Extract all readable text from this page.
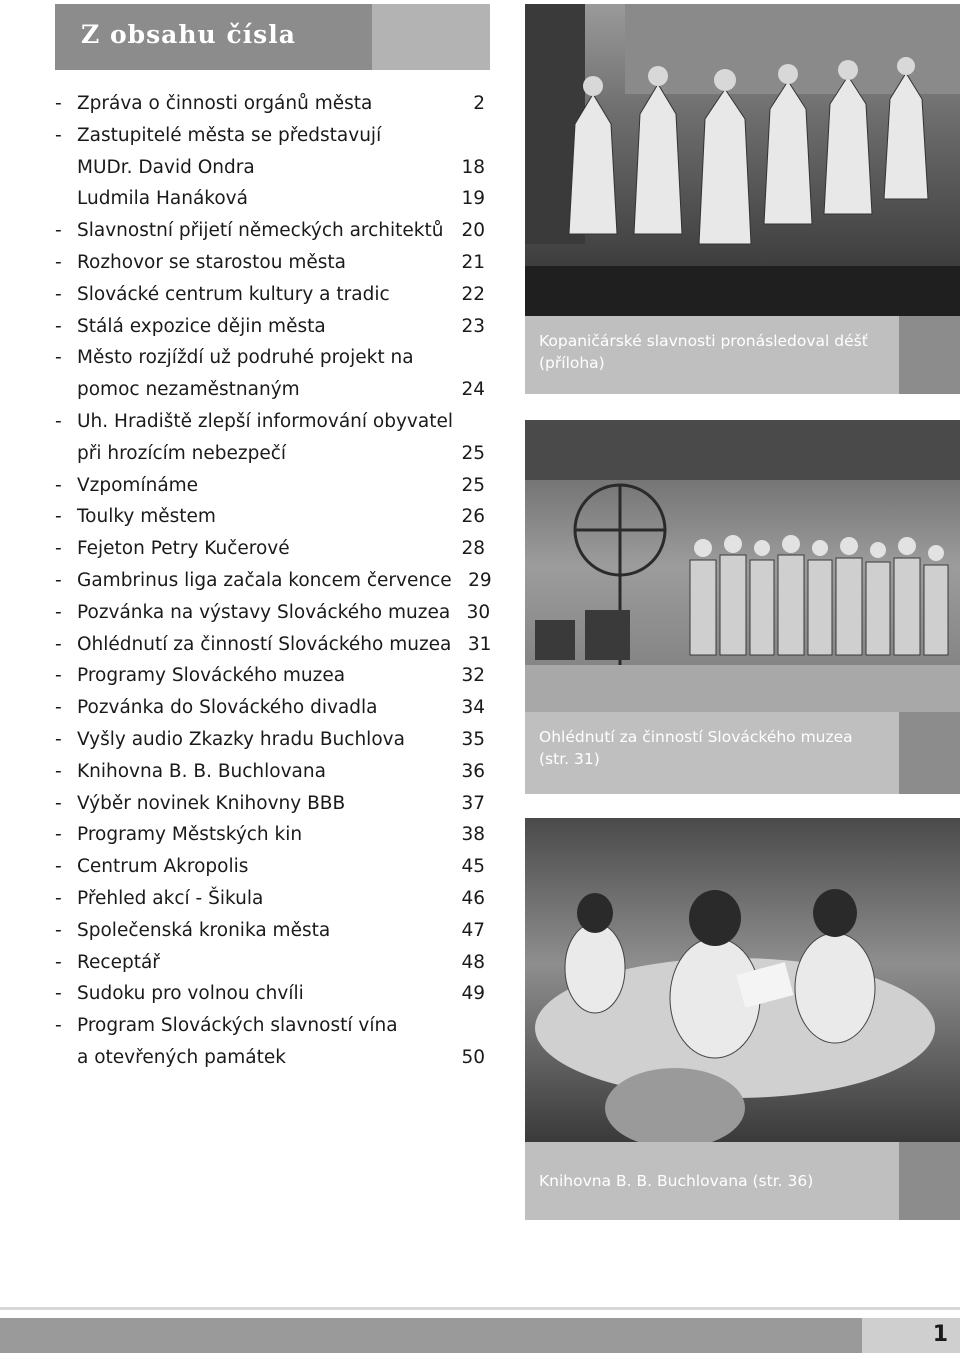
Z obsahu čísla
- Zpráva o činnosti orgánů města	2
- Zastupitelé města se představují
MUDr. David Ondra	18
Ludmila Hanáková	19
- Slavnostní přijetí německých architektů 20
- Rozhovor se starostou města	21
- Slovácké centrum kultury a tradic	22
- Stálá expozice dějin města	23
- Město rozjíždí už podruhé projekt na
pomoc nezaměstnaným	24
- Uh. Hradiště zlepší informování obyvatel
při hrozícím nebezpečí	25
- Vzpomínáme	25
- Toulky městem	26
- Fejeton Petry Kučerové	28
- Gambrinus liga začala koncem července 29
- Pozvánka na výstavy Slováckého muzea 30
- Ohlédnutí za činností Slováckého muzea 31
- Programy Slováckého muzea	32
- Pozvánka do Slováckého divadla	34
- Vyšly audio Zkazky hradu Buchlova	35
- Knihovna B. B. Buchlovana	36
- Výběr novinek Knihovny BBB	37
- Programy Městských kin	38
- Centrum Akropolis	45
- Přehled akcí - Šikula	46
- Společenská kronika města	47
- Receptář	48
- Sudoku pro volnou chvíli	49
- Program Slováckých slavností vína
a otevřených památek	50
Kopaničárské slavnosti pronásledoval déšť (příloha)
Ohlédnutí za činností Slováckého muzea (str. 31)
Knihovna B. B. Buchlovana (str. 36)
1
